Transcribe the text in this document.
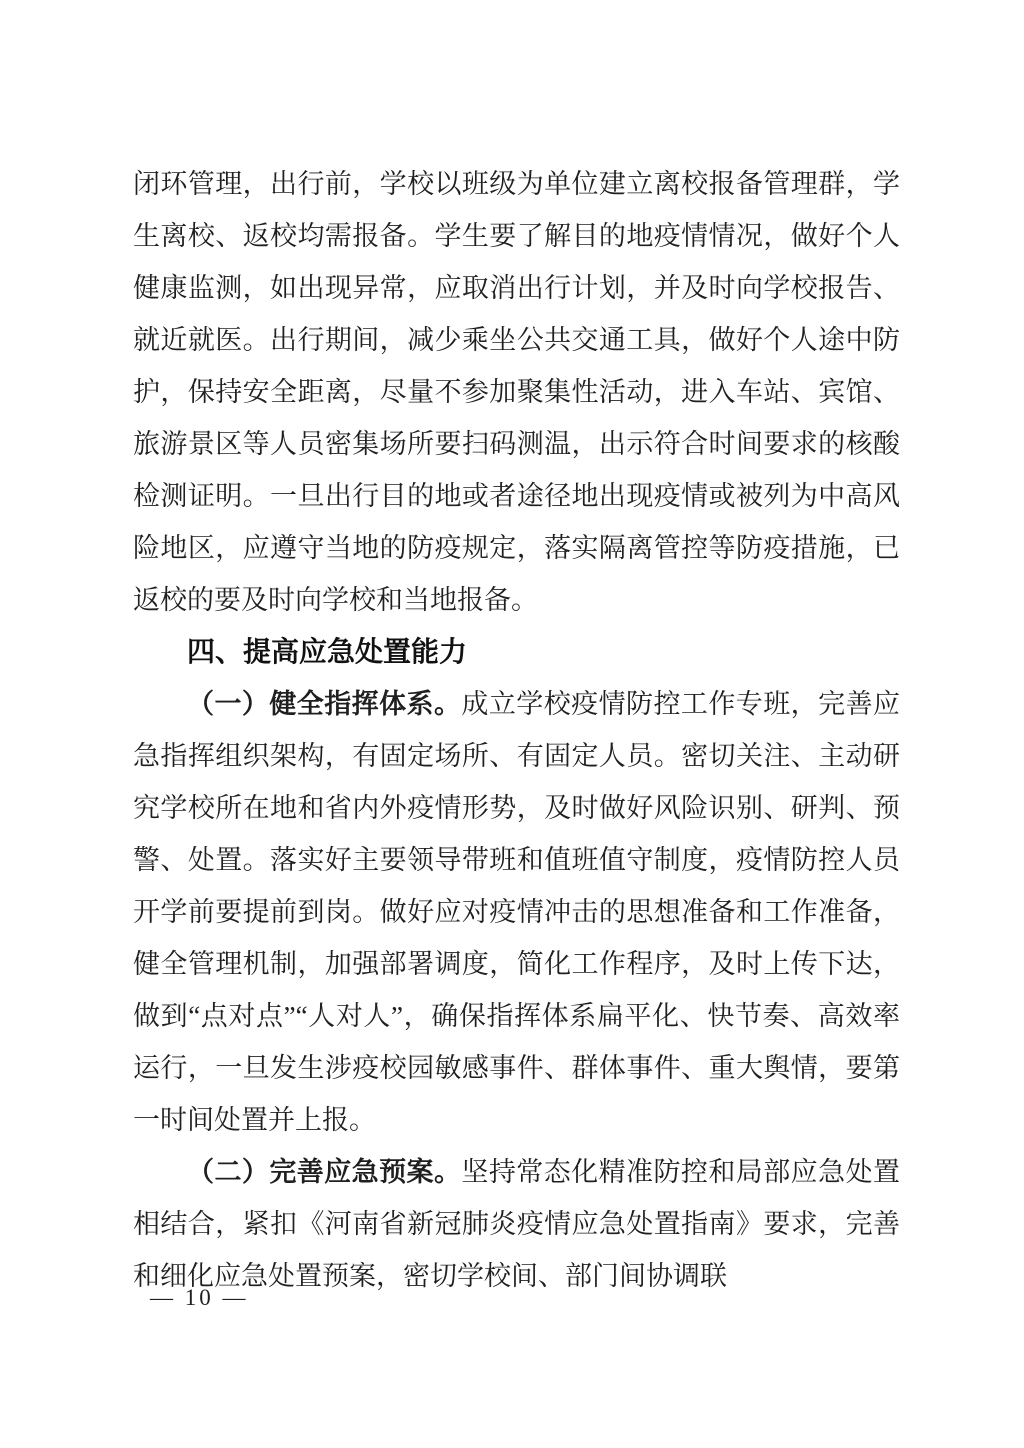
闭环管理，出行前，学校以班级为单位建立离校报备管理群，学生离校、返校均需报备。学生要了解目的地疫情情况，做好个人健康监测，如出现异常，应取消出行计划，并及时向学校报告、就近就医。出行期间，减少乘坐公共交通工具，做好个人途中防护，保持安全距离，尽量不参加聚集性活动，进入车站、宾馆、旅游景区等人员密集场所要扫码测温，出示符合时间要求的核酸检测证明。一旦出行目的地或者途径地出现疫情或被列为中高风险地区，应遵守当地的防疫规定，落实隔离管控等防疫措施，已返校的要及时向学校和当地报备。

四、提高应急处置能力

（一）健全指挥体系。成立学校疫情防控工作专班，完善应急指挥组织架构，有固定场所、有固定人员。密切关注、主动研究学校所在地和省内外疫情形势，及时做好风险识别、研判、预警、处置。落实好主要领导带班和值班值守制度，疫情防控人员开学前要提前到岗。做好应对疫情冲击的思想准备和工作准备，健全管理机制，加强部署调度，简化工作程序，及时上传下达，做到“点对点”“人对人”，确保指挥体系扁平化、快节奏、高效率运行，一旦发生涉疫校园敏感事件、群体事件、重大舆情，要第一时间处置并上报。

（二）完善应急预案。坚持常态化精准防控和局部应急处置相结合，紧扣《河南省新冠肺炎疫情应急处置指南》要求，完善和细化应急处置预案，密切学校间、部门间协调联

— 10 —
